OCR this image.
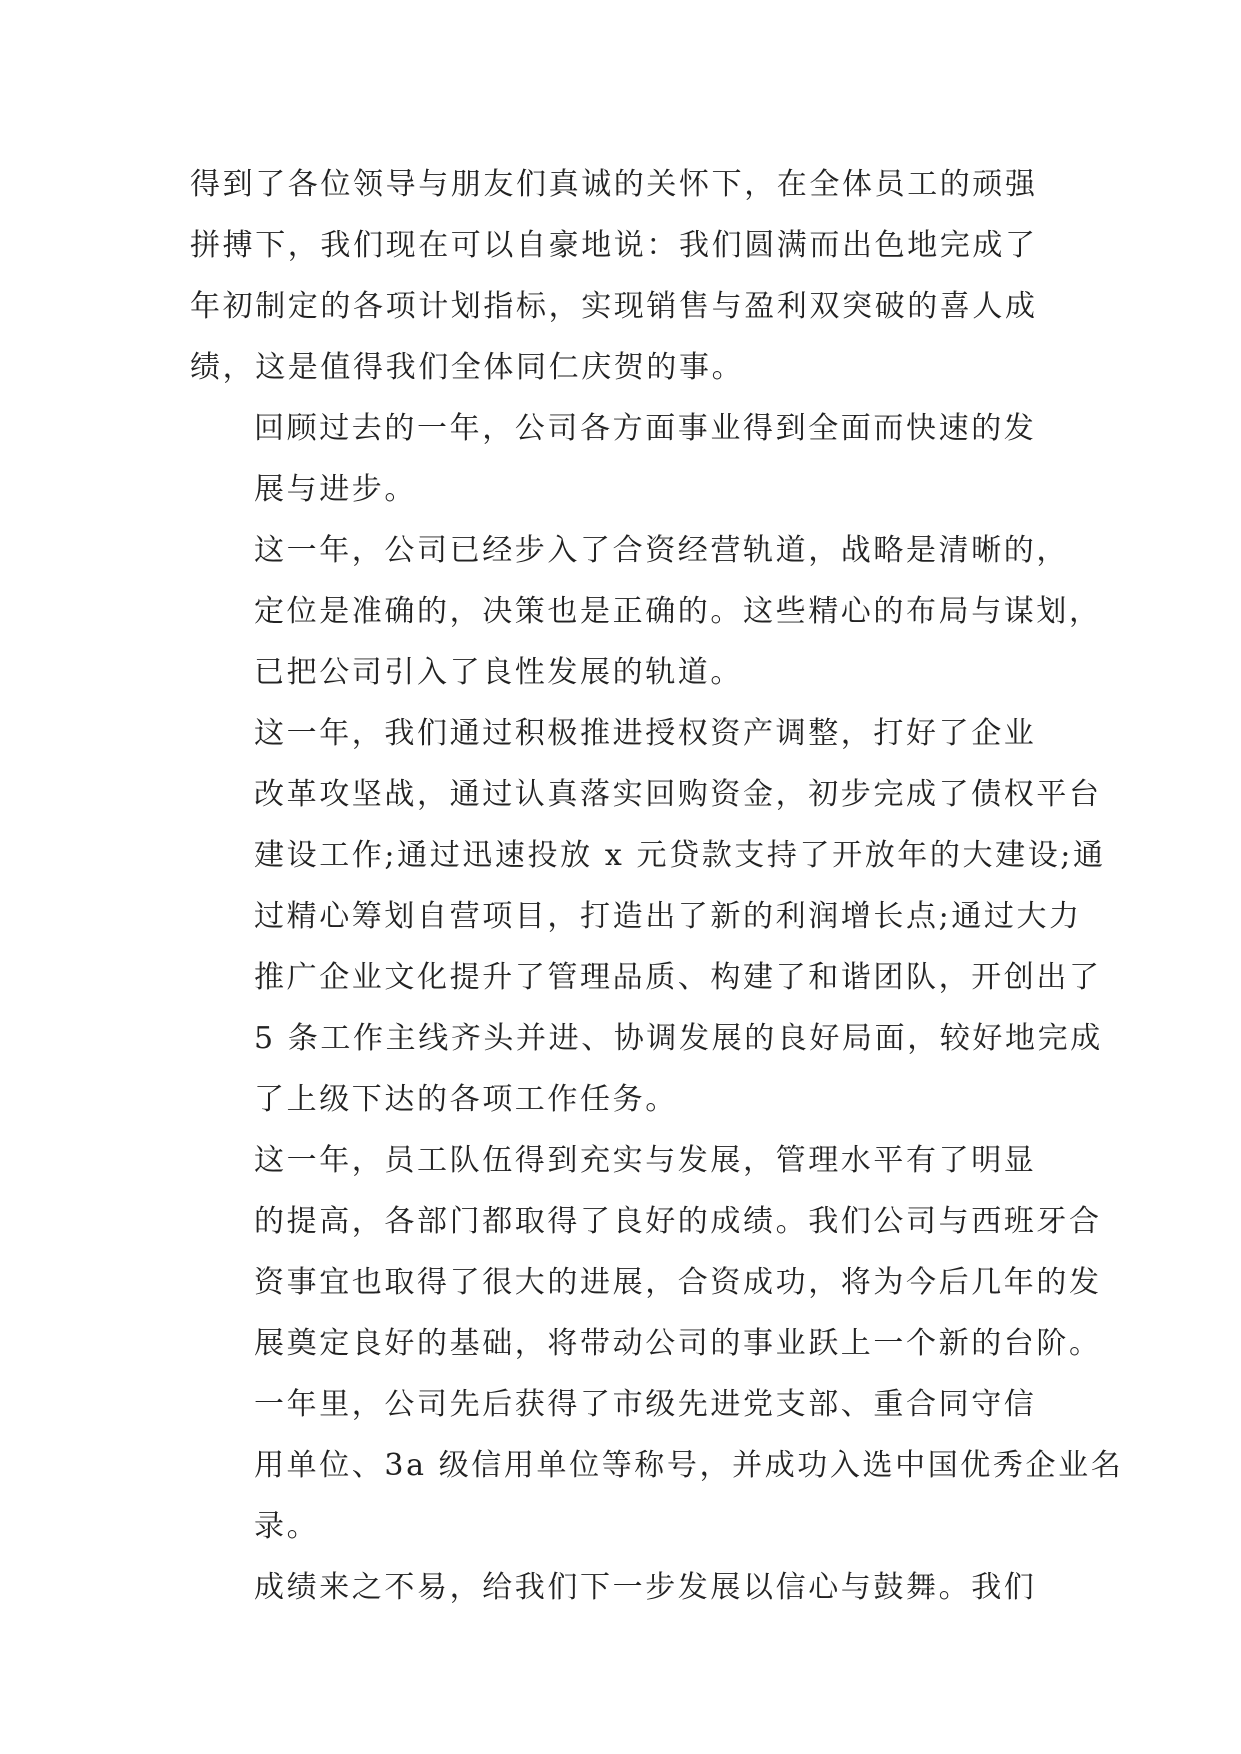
得到了各位领导与朋友们真诚的关怀下，在全体员工的顽强
拼搏下，我们现在可以自豪地说：我们圆满而出色地完成了
年初制定的各项计划指标，实现销售与盈利双突破的喜人成
绩，这是值得我们全体同仁庆贺的事。

回顾过去的一年，公司各方面事业得到全面而快速的发
展与进步。

这一年，公司已经步入了合资经营轨道，战略是清晰的，
定位是准确的，决策也是正确的。这些精心的布局与谋划，
已把公司引入了良性发展的轨道。

这一年，我们通过积极推进授权资产调整，打好了企业
改革攻坚战，通过认真落实回购资金，初步完成了债权平台
建设工作;通过迅速投放 x 元贷款支持了开放年的大建设;通
过精心筹划自营项目，打造出了新的利润增长点;通过大力
推广企业文化提升了管理品质、构建了和谐团队，开创出了
5 条工作主线齐头并进、协调发展的良好局面，较好地完成
了上级下达的各项工作任务。

这一年，员工队伍得到充实与发展，管理水平有了明显
的提高，各部门都取得了良好的成绩。我们公司与西班牙合
资事宜也取得了很大的进展，合资成功，将为今后几年的发
展奠定良好的基础，将带动公司的事业跃上一个新的台阶。

一年里，公司先后获得了市级先进党支部、重合同守信
用单位、3a 级信用单位等称号，并成功入选中国优秀企业名
录。

成绩来之不易，给我们下一步发展以信心与鼓舞。我们
